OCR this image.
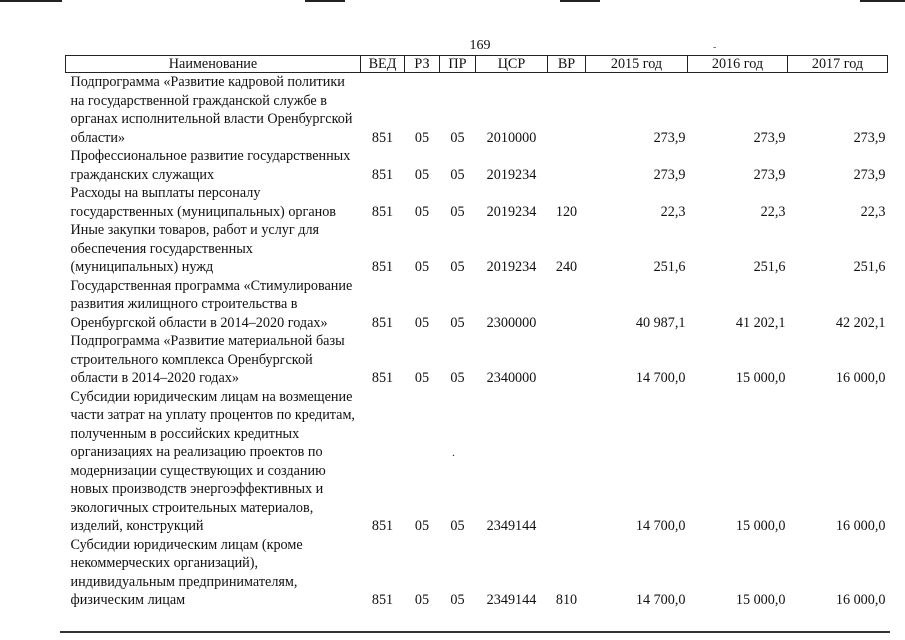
169	-
.
Наименование	ВЕД	РЗ	ПР	ЦСР	ВР	2015 год	2016 год	2017 год
Подпрограмма «Развитие кадровой политики на государственной гражданской службе в органах исполнительной власти Оренбургской области»	851	05	05	2010000		273,9	273,9	273,9
Профессиональное развитие государственных гражданских служащих	851	05	05	2019234		273,9	273,9	273,9
Расходы на выплаты персоналу государственных (муниципальных) органов	851	05	05	2019234	120	22,3	22,3	22,3
Иные закупки товаров, работ и услуг для обеспечения государственных (муниципальных) нужд	851	05	05	2019234	240	251,6	251,6	251,6
Государственная программа «Стимулирование развития жилищного строительства в Оренбургской области в 2014–2020 годах»	851	05	05	2300000		40 987,1	41 202,1	42 202,1
Подпрограмма «Развитие материальной базы строительного комплекса Оренбургской области в 2014–2020 годах»	851	05	05	2340000		14 700,0	15 000,0	16 000,0
Субсидии юридическим лицам на возмещение части затрат на уплату процентов по кредитам, полученным в российских кредитных организациях на реализацию проектов по модернизации существующих и созданию новых производств энергоэффективных и экологичных строительных материалов, изделий, конструкций	851	05	05	2349144		14 700,0	15 000,0	16 000,0
Субсидии юридическим лицам (кроме некоммерческих организаций), индивидуальным предпринимателям, физическим лицам	851	05	05	2349144	810	14 700,0	15 000,0	16 000,0
